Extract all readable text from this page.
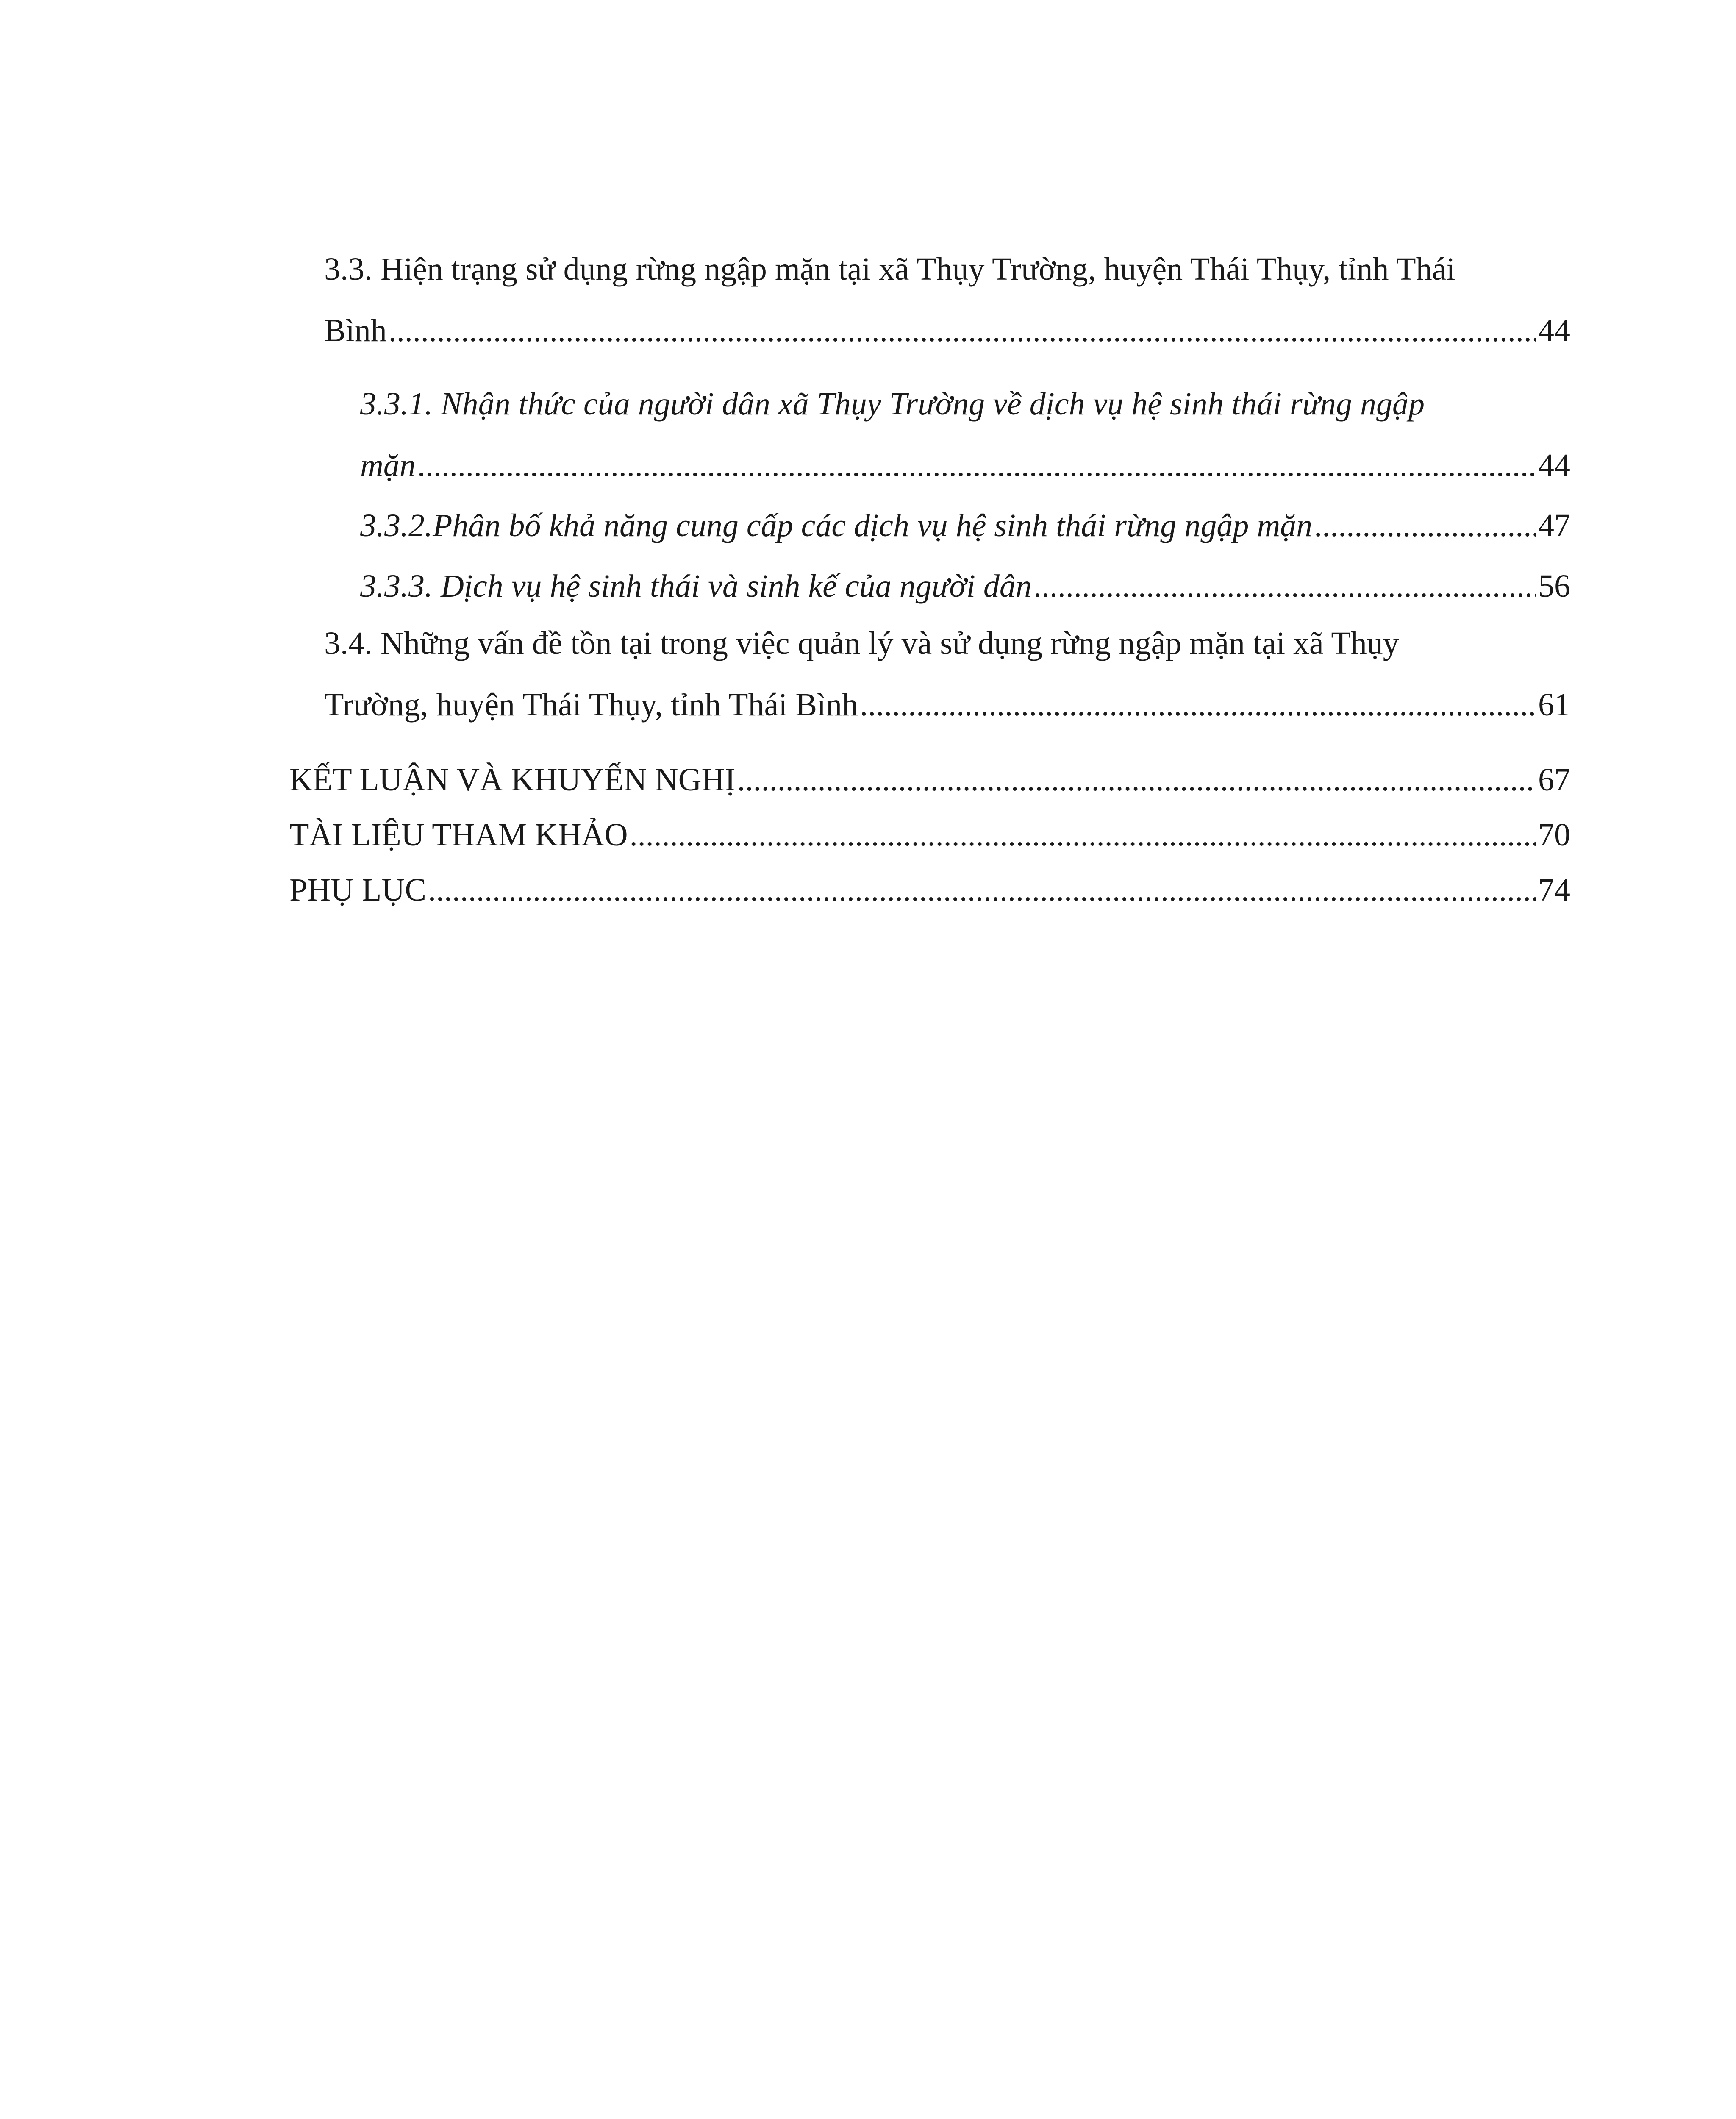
3.3. Hiện trạng sử dụng rừng ngập mặn tại xã Thụy Trường, huyện Thái Thụy, tỉnh Thái
Bình .....	44
3.3.1. Nhận thức của người dân xã Thụy Trường về dịch vụ hệ sinh thái rừng ngập
mặn .....	44
3.3.2.Phân bố khả năng cung cấp các dịch vụ hệ sinh thái rừng ngập mặn .....	47
3.3.3. Dịch vụ hệ sinh thái và sinh kế của người dân .....	56
3.4. Những vấn đề tồn tại trong việc quản lý và sử dụng rừng ngập mặn tại xã Thụy
Trường, huyện Thái Thụy, tỉnh Thái Bình .....	61
KẾT LUẬN VÀ KHUYẾN NGHỊ .....	67
TÀI LIỆU THAM KHẢO .....	70
PHỤ LỤC .....	74
